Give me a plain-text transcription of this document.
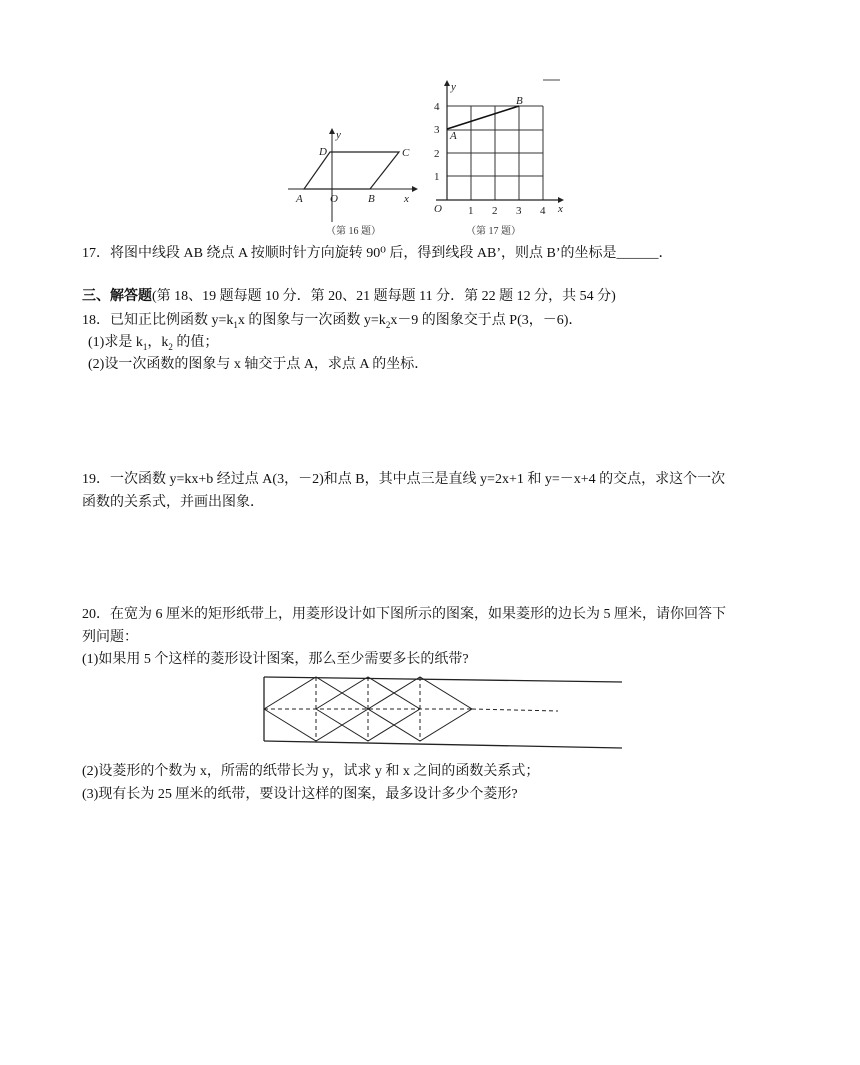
y
D	C
A O	B	x
（第 16 题）
y
4
3
2
1
A
B
O 1 2 3 4 x
（第 17 题）
17．将图中线段 AB 绕点 A 按顺时针方向旋转 90⁰ 后，得到线段 AB’，则点 B’的坐标是______．
三、解答题(第 18、19 题每题 10 分．第 20、21 题每题 11 分．第 22 题 12 分，共 54 分)
18．已知正比例函数 $y=k_1x$ 的图象与一次函数 $y=k_2x-9$ 的图象交于点 P(3，－6)．
(1)求是 $k_1$，$k_2$ 的值；
(2)设一次函数的图象与 x 轴交于点 A，求点 A 的坐标．
19．一次函数 y=kx+b 经过点 A(3，－2)和点 B，其中点三是直线 y=2x+1 和 y=－x+4 的交点，求这个一次
函数的关系式，并画出图象．
20．在宽为 6 厘米的矩形纸带上，用菱形设计如下图所示的图案，如果菱形的边长为 5 厘米，请你回答下
列问题：
(1)如果用 5 个这样的菱形设计图案，那么至少需要多长的纸带?
(2)设菱形的个数为 x，所需的纸带长为 y，试求 y 和 x 之间的函数关系式；
(3)现有长为 25 厘米的纸带，要设计这样的图案，最多设计多少个菱形?
